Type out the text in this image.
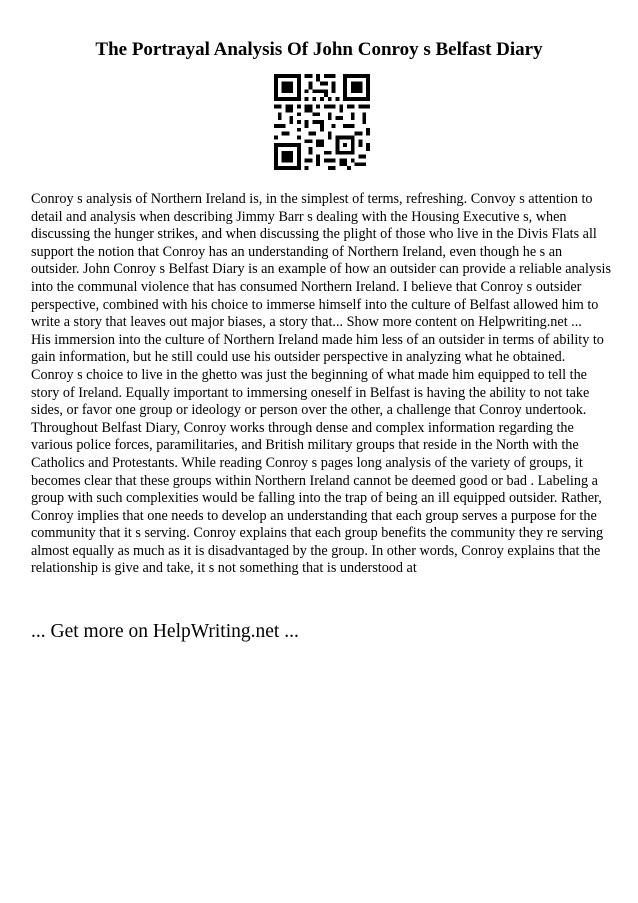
The Portrayal Analysis Of John Conroy s Belfast Diary

Conroy s analysis of Northern Ireland is, in the simplest of terms, refreshing. Convoy s attention to detail and analysis when describing Jimmy Barr s dealing with the Housing Executive s, when discussing the hunger strikes, and when discussing the plight of those who live in the Divis Flats all support the notion that Conroy has an understanding of Northern Ireland, even though he s an outsider. John Conroy s Belfast Diary is an example of how an outsider can provide a reliable analysis into the communal violence that has consumed Northern Ireland. I believe that Conroy s outsider perspective, combined with his choice to immerse himself into the culture of Belfast allowed him to write a story that leaves out major biases, a story that... Show more content on Helpwriting.net ...

His immersion into the culture of Northern Ireland made him less of an outsider in terms of ability to gain information, but he still could use his outsider perspective in analyzing what he obtained. Conroy s choice to live in the ghetto was just the beginning of what made him equipped to tell the story of Ireland. Equally important to immersing oneself in Belfast is having the ability to not take sides, or favor one group or ideology or person over the other, a challenge that Conroy undertook. Throughout Belfast Diary, Conroy works through dense and complex information regarding the various police forces, paramilitaries, and British military groups that reside in the North with the Catholics and Protestants. While reading Conroy s pages long analysis of the variety of groups, it becomes clear that these groups within Northern Ireland cannot be deemed good or bad . Labeling a group with such complexities would be falling into the trap of being an ill equipped outsider. Rather, Conroy implies that one needs to develop an understanding that each group serves a purpose for the community that it s serving. Conroy explains that each group benefits the community they re serving almost equally as much as it is disadvantaged by the group. In other words, Conroy explains that the relationship is give and take, it s not something that is understood at

... Get more on HelpWriting.net ...
